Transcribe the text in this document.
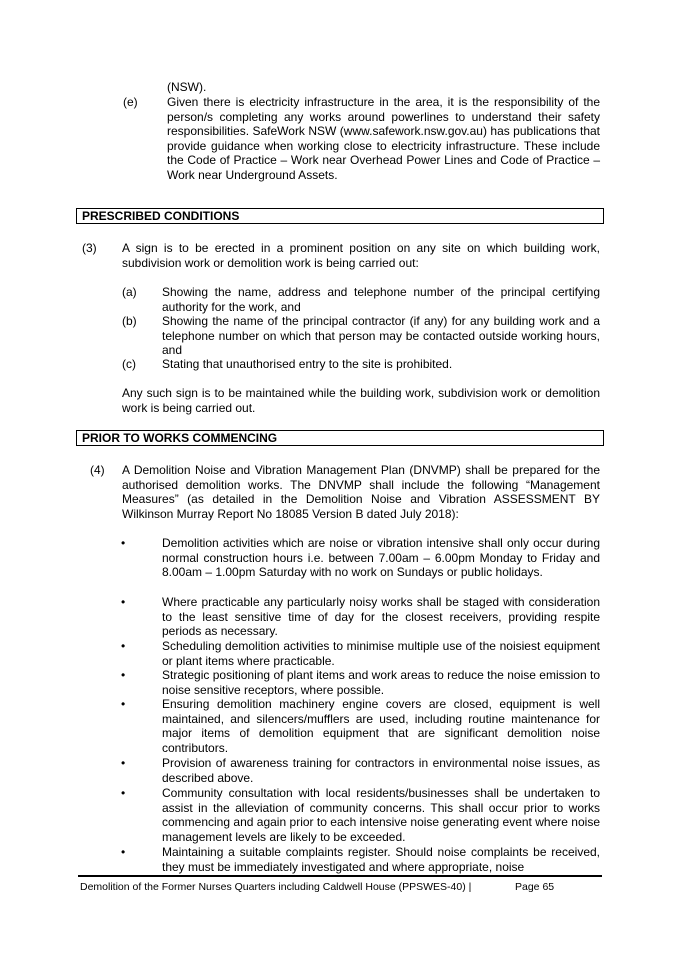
(NSW).
(e) Given there is electricity infrastructure in the area, it is the responsibility of the person/s completing any works around powerlines to understand their safety responsibilities. SafeWork NSW (www.safework.nsw.gov.au) has publications that provide guidance when working close to electricity infrastructure. These include the Code of Practice – Work near Overhead Power Lines and Code of Practice – Work near Underground Assets.
PRESCRIBED CONDITIONS
(3) A sign is to be erected in a prominent position on any site on which building work, subdivision work or demolition work is being carried out:
(a) Showing the name, address and telephone number of the principal certifying authority for the work, and
(b) Showing the name of the principal contractor (if any) for any building work and a telephone number on which that person may be contacted outside working hours, and
(c) Stating that unauthorised entry to the site is prohibited.
Any such sign is to be maintained while the building work, subdivision work or demolition work is being carried out.
PRIOR TO WORKS COMMENCING
(4) A Demolition Noise and Vibration Management Plan (DNVMP) shall be prepared for the authorised demolition works. The DNVMP shall include the following “Management Measures” (as detailed in the Demolition Noise and Vibration ASSESSMENT BY Wilkinson Murray Report No 18085 Version B dated July 2018):
•	Demolition activities which are noise or vibration intensive shall only occur during normal construction hours i.e. between 7.00am – 6.00pm Monday to Friday and 8.00am – 1.00pm Saturday with no work on Sundays or public holidays.
•	Where practicable any particularly noisy works shall be staged with consideration to the least sensitive time of day for the closest receivers, providing respite periods as necessary.
•	Scheduling demolition activities to minimise multiple use of the noisiest equipment or plant items where practicable.
•	Strategic positioning of plant items and work areas to reduce the noise emission to noise sensitive receptors, where possible.
•	Ensuring demolition machinery engine covers are closed, equipment is well maintained, and silencers/mufflers are used, including routine maintenance for major items of demolition equipment that are significant demolition noise contributors.
•	Provision of awareness training for contractors in environmental noise issues, as described above.
•	Community consultation with local residents/businesses shall be undertaken to assist in the alleviation of community concerns. This shall occur prior to works commencing and again prior to each intensive noise generating event where noise management levels are likely to be exceeded.
•	Maintaining a suitable complaints register. Should noise complaints be received, they must be immediately investigated and where appropriate, noise
Demolition of the Former Nurses Quarters including Caldwell House (PPSWES-40) |	Page 65
